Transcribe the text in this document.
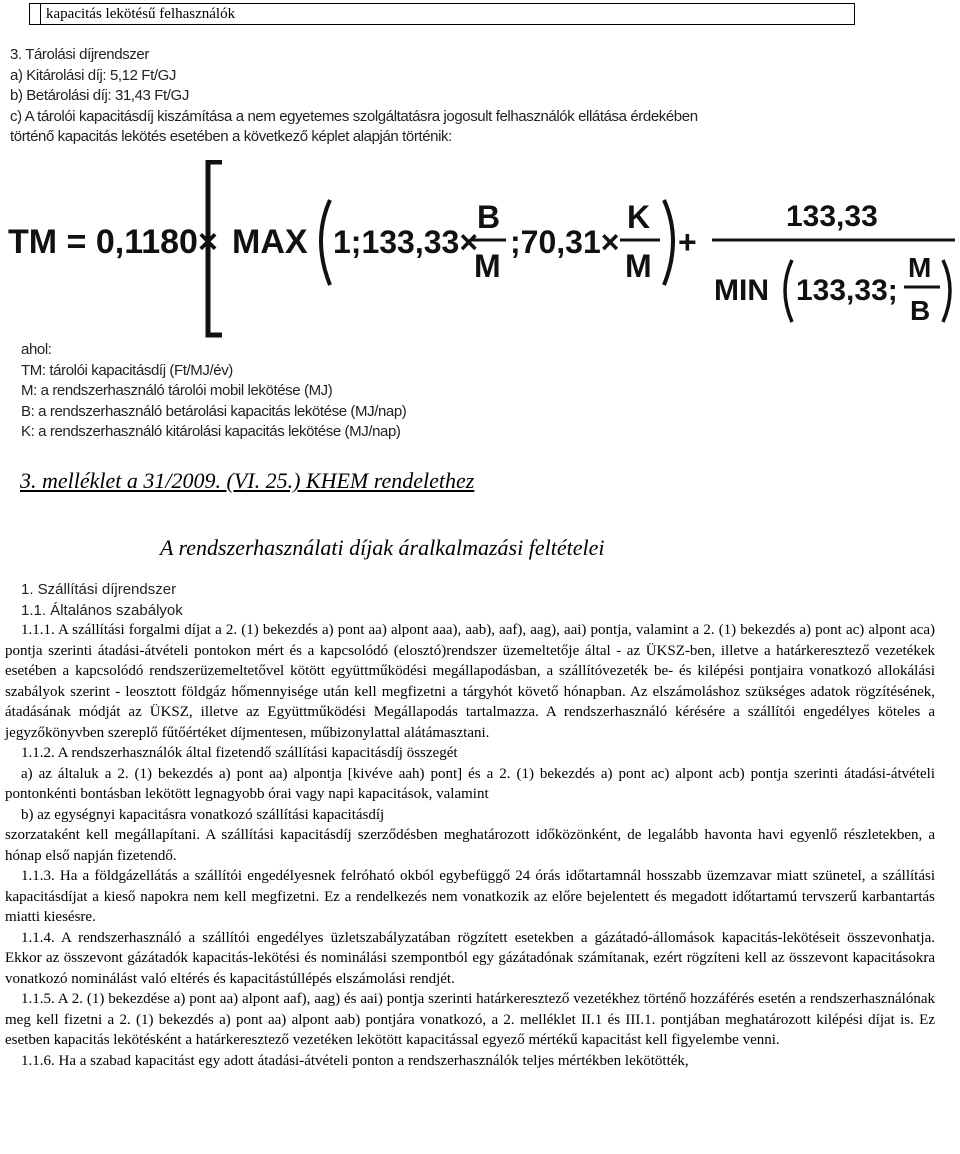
kapacitás lekötésű felhasználók
3. Tárolási díjrendszer
a) Kitárolási díj: 5,12 Ft/GJ
b) Betárolási díj: 31,43 Ft/GJ
c) A tárolói kapacitásdíj kiszámítása a nem egyetemes szolgáltatásra jogosult felhasználók ellátása érdekében
történő kapacitás lekötés esetében a következő képlet alapján történik:
TM = 0,1180× MAX 1;133,33×
B
M
;70,31×
K
M
+
133,33
MIN 133,33;
M
B
ahol:
TM: tárolói kapacitásdíj (Ft/MJ/év)
M: a rendszerhasználó tárolói mobil lekötése (MJ)
B: a rendszerhasználó betárolási kapacitás lekötése (MJ/nap)
K: a rendszerhasználó kitárolási kapacitás lekötése (MJ/nap)
3. melléklet a 31/2009. (VI. 25.) KHEM rendelethez
A rendszerhasználati díjak áralkalmazási feltételei
1. Szállítási díjrendszer
1.1. Általános szabályok

1.1.1. A szállítási forgalmi díjat a 2. (1) bekezdés a) pont aa) alpont aaa), aab), aaf), aag), aai) pontja, valamint a 2. (1) bekezdés a) pont ac) alpont aca) pontja szerinti átadási-átvételi pontokon mért és a kapcsolódó (elosztó)rendszer üzemeltetője által - az ÜKSZ-ben, illetve a határkeresztező vezetékek esetében a kapcsolódó rendszerüzemeltetővel kötött együttműködési megállapodásban, a szállítóvezeték be- és kilépési pontjaira vonatkozó allokálási szabályok szerint - leosztott földgáz hőmennyisége után kell megfizetni a tárgyhót követő hónapban. Az elszámoláshoz szükséges adatok rögzítésének, átadásának módját az ÜKSZ, illetve az Együttműködési Megállapodás tartalmazza. A rendszerhasználó kérésére a szállítói engedélyes köteles a jegyzőkönyvben szereplő fűtőértéket díjmentesen, műbizonylattal alátámasztani.

1.1.2. A rendszerhasználók által fizetendő szállítási kapacitásdíj összegét

a) az általuk a 2. (1) bekezdés a) pont aa) alpontja [kivéve aah) pont] és a 2. (1) bekezdés a) pont ac) alpont acb) pontja szerinti átadási-átvételi pontonkénti bontásban lekötött legnagyobb órai vagy napi kapacitások, valamint

b) az egységnyi kapacitásra vonatkozó szállítási kapacitásdíj

szorzataként kell megállapítani. A szállítási kapacitásdíj szerződésben meghatározott időközönként, de legalább havonta havi egyenlő részletekben, a hónap első napján fizetendő.

1.1.3. Ha a földgázellátás a szállítói engedélyesnek felróható okból egybefüggő 24 órás időtartamnál hosszabb üzemzavar miatt szünetel, a szállítási kapacitásdíjat a kieső napokra nem kell megfizetni. Ez a rendelkezés nem vonatkozik az előre bejelentett és megadott időtartamú tervszerű karbantartás miatti kiesésre.

1.1.4. A rendszerhasználó a szállítói engedélyes üzletszabályzatában rögzített esetekben a gázátadó-állomások kapacitás-lekötéseit összevonhatja. Ekkor az összevont gázátadók kapacitás-lekötési és nominálási szempontból egy gázátadónak számítanak, ezért rögzíteni kell az összevont kapacitásokra vonatkozó nominálást való eltérés és kapacitástúllépés elszámolási rendjét.

1.1.5. A 2. (1) bekezdése a) pont aa) alpont aaf), aag) és aai) pontja szerinti határkeresztező vezetékhez történő hozzáférés esetén a rendszerhasználónak meg kell fizetni a 2. (1) bekezdés a) pont aa) alpont aab) pontjára vonatkozó, a 2. melléklet II.1 és III.1. pontjában meghatározott kilépési díjat is. Ez esetben kapacitás lekötésként a határkeresztező vezetéken lekötött kapacitással egyező mértékű kapacitást kell figyelembe venni.

1.1.6. Ha a szabad kapacitást egy adott átadási-átvételi ponton a rendszerhasználók teljes mértékben lekötötték,
